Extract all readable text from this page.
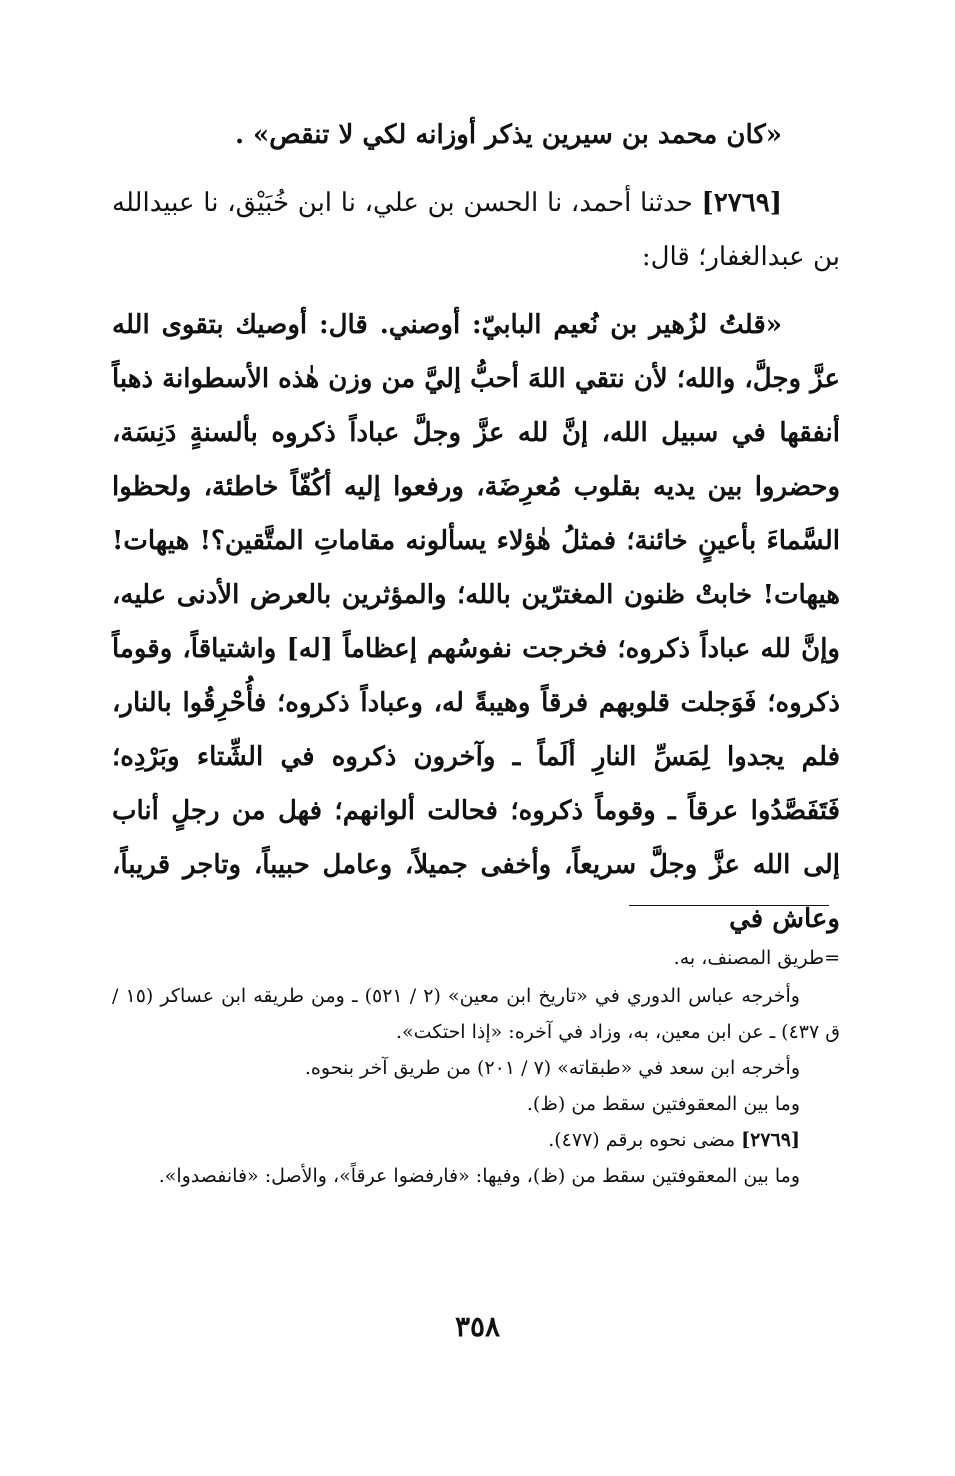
«كان محمد بن سيرين يذكر أوزانه لكي لا تنقص» .

[٢٧٦٩] حدثنا أحمد، نا الحسن بن علي، نا ابن خُبَيْق، نا عبيدالله بن عبدالغفار؛ قال:

«قلتُ لزُهير بن نُعيم البابيّ: أوصني. قال: أوصيك بتقوى الله عزَّ وجلَّ، والله؛ لأن نتقي اللهَ أحبُّ إليَّ من وزن هٰذه الأسطوانة ذهباً أنفقها في سبيل الله، إنَّ لله عزَّ وجلَّ عباداً ذكروه بألسنةٍ دَنِسَة، وحضروا بين يديه بقلوب مُعرِضَة، ورفعوا إليه أكُفّاً خاطئة، ولحظوا السَّماءَ بأعينٍ خائنة؛ فمثلُ هٰؤلاء يسألونه مقاماتِ المتَّقين؟! هيهات! هيهات! خابتْ ظنون المغترّين بالله؛ والمؤثرين بالعرض الأدنى عليه، وإنَّ لله عباداً ذكروه؛ فخرجت نفوسُهم إعظاماً [له] واشتياقاً، وقوماً ذكروه؛ فَوَجلت قلوبهم فرقاً وهيبةً له، وعباداً ذكروه؛ فأُحْرِقُوا بالنار، فلم يجدوا لِمَسِّ النارِ ألَماً ـ وآخرون ذكروه في الشِّتاء وبَرْدِه؛ فَتَفَصَّدُوا عرقاً ـ وقوماً ذكروه؛ فحالت ألوانهم؛ فهل من رجلٍ أناب إلى الله عزَّ وجلَّ سريعاً، وأخفى جميلاً، وعامل حبيباً، وتاجر قريباً، وعاش في

=طريق المصنف، به.

وأخرجه عباس الدوري في «تاريخ ابن معين» (٢ / ٥٢١) ـ ومن طريقه ابن عساكر (١٥ / ق ٤٣٧) ـ عن ابن معين، به، وزاد في آخره: «إذا احتكت».

وأخرجه ابن سعد في «طبقاته» (٧ / ٢٠١) من طريق آخر بنحوه.

وما بين المعقوفتين سقط من (ظ).

[٢٧٦٩] مضى نحوه برقم (٤٧٧).

وما بين المعقوفتين سقط من (ظ)، وفيها: «فارفضوا عرقاً»، والأصل: «فانفصدوا».

٣٥٨
